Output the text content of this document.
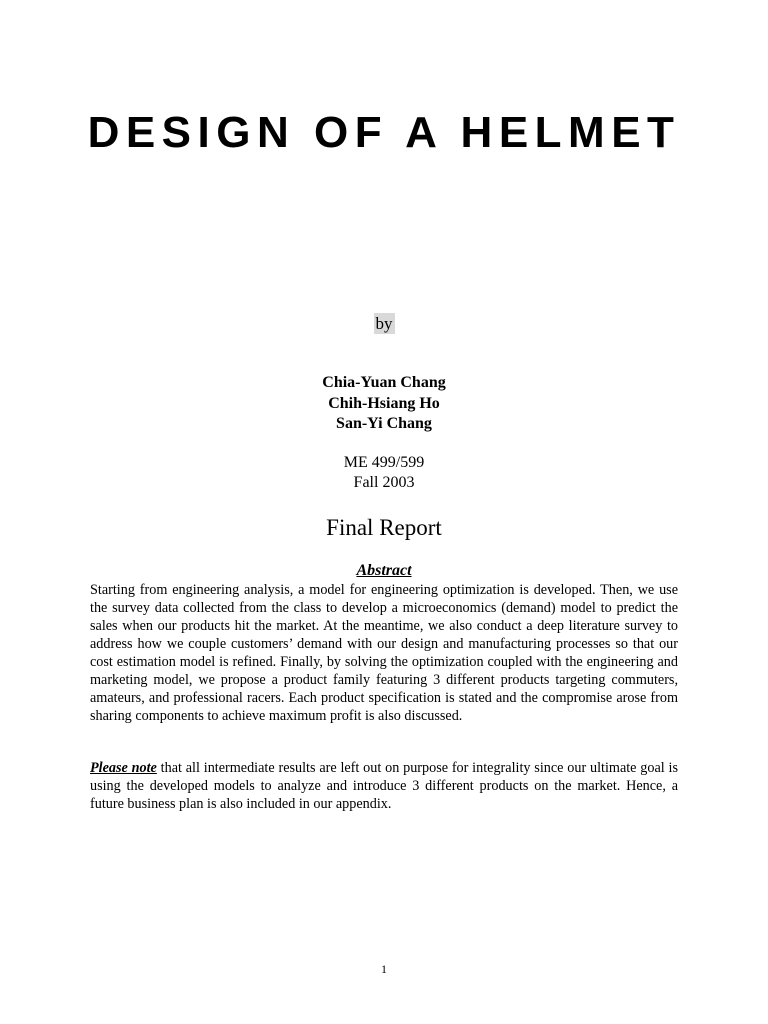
DESIGN OF A HELMET
by
Chia-Yuan Chang
Chih-Hsiang Ho
San-Yi Chang
ME 499/599
Fall 2003
Final Report
Abstract

Starting from engineering analysis, a model for engineering optimization is developed. Then, we use the survey data collected from the class to develop a microeconomics (demand) model to predict the sales when our products hit the market. At the meantime, we also conduct a deep literature survey to address how we couple customers’ demand with our design and manufacturing processes so that our cost estimation model is refined. Finally, by solving the optimization coupled with the engineering and marketing model, we propose a product family featuring 3 different products targeting commuters, amateurs, and professional racers. Each product specification is stated and the compromise arose from sharing components to achieve maximum profit is also discussed.

Please note that all intermediate results are left out on purpose for integrality since our ultimate goal is using the developed models to analyze and introduce 3 different products on the market. Hence, a future business plan is also included in our appendix.

1
